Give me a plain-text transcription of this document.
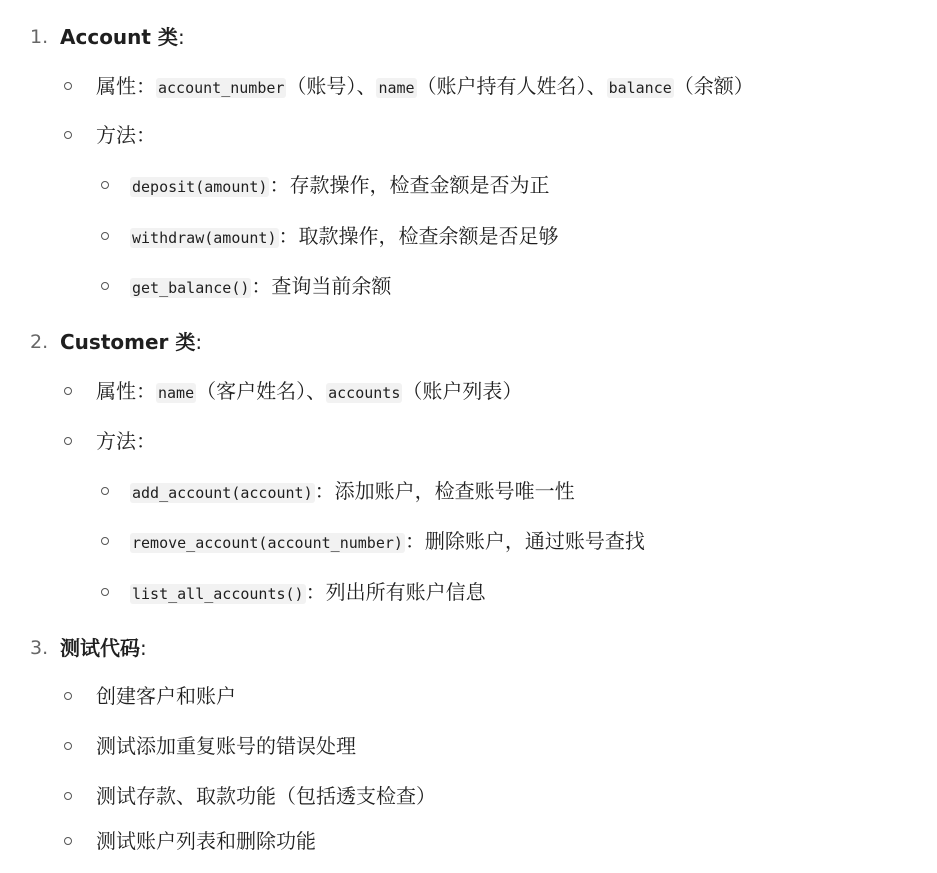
1. Account 类:
属性： account_number （账号）、 name （账户持有人姓名）、 balance （余额）
方法：
deposit(amount) ：存款操作，检查金额是否为正
withdraw(amount) ：取款操作，检查余额是否足够
get_balance() ：查询当前余额
2. Customer 类:
属性： name （客户姓名）、 accounts （账户列表）
方法：
add_account(account) ：添加账户，检查账号唯一性
remove_account(account_number) ：删除账户，通过账号查找
list_all_accounts() ：列出所有账户信息
3. 测试代码:
创建客户和账户
测试添加重复账号的错误处理
测试存款、取款功能（包括透支检查）
测试账户列表和删除功能
